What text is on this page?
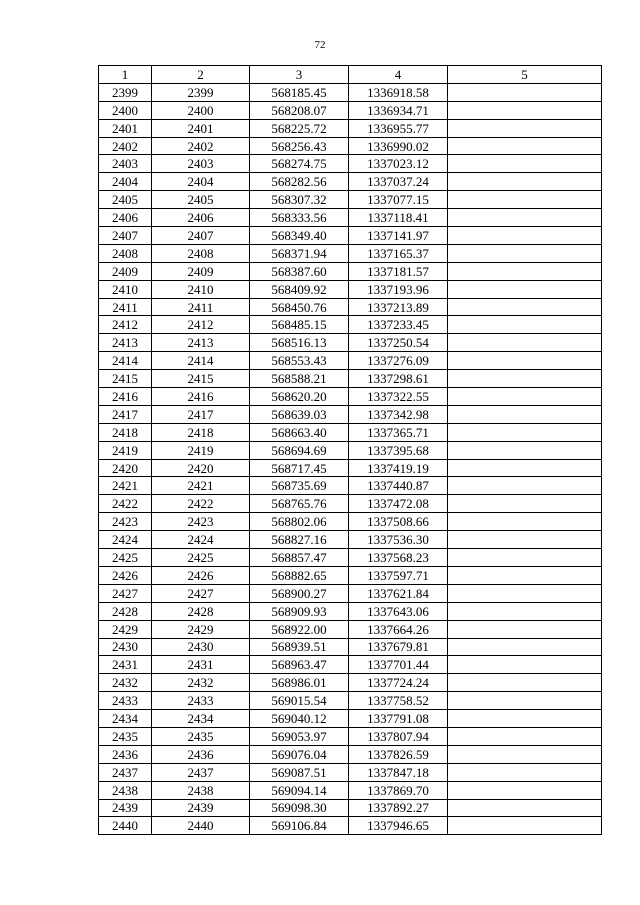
72
1	2	3	4	5
2399	2399	568185.45	1336918.58	
2400	2400	568208.07	1336934.71	
2401	2401	568225.72	1336955.77	
2402	2402	568256.43	1336990.02	
2403	2403	568274.75	1337023.12	
2404	2404	568282.56	1337037.24	
2405	2405	568307.32	1337077.15	
2406	2406	568333.56	1337118.41	
2407	2407	568349.40	1337141.97	
2408	2408	568371.94	1337165.37	
2409	2409	568387.60	1337181.57	
2410	2410	568409.92	1337193.96	
2411	2411	568450.76	1337213.89	
2412	2412	568485.15	1337233.45	
2413	2413	568516.13	1337250.54	
2414	2414	568553.43	1337276.09	
2415	2415	568588.21	1337298.61	
2416	2416	568620.20	1337322.55	
2417	2417	568639.03	1337342.98	
2418	2418	568663.40	1337365.71	
2419	2419	568694.69	1337395.68	
2420	2420	568717.45	1337419.19	
2421	2421	568735.69	1337440.87	
2422	2422	568765.76	1337472.08	
2423	2423	568802.06	1337508.66	
2424	2424	568827.16	1337536.30	
2425	2425	568857.47	1337568.23	
2426	2426	568882.65	1337597.71	
2427	2427	568900.27	1337621.84	
2428	2428	568909.93	1337643.06	
2429	2429	568922.00	1337664.26	
2430	2430	568939.51	1337679.81	
2431	2431	568963.47	1337701.44	
2432	2432	568986.01	1337724.24	
2433	2433	569015.54	1337758.52	
2434	2434	569040.12	1337791.08	
2435	2435	569053.97	1337807.94	
2436	2436	569076.04	1337826.59	
2437	2437	569087.51	1337847.18	
2438	2438	569094.14	1337869.70	
2439	2439	569098.30	1337892.27	
2440	2440	569106.84	1337946.65	
